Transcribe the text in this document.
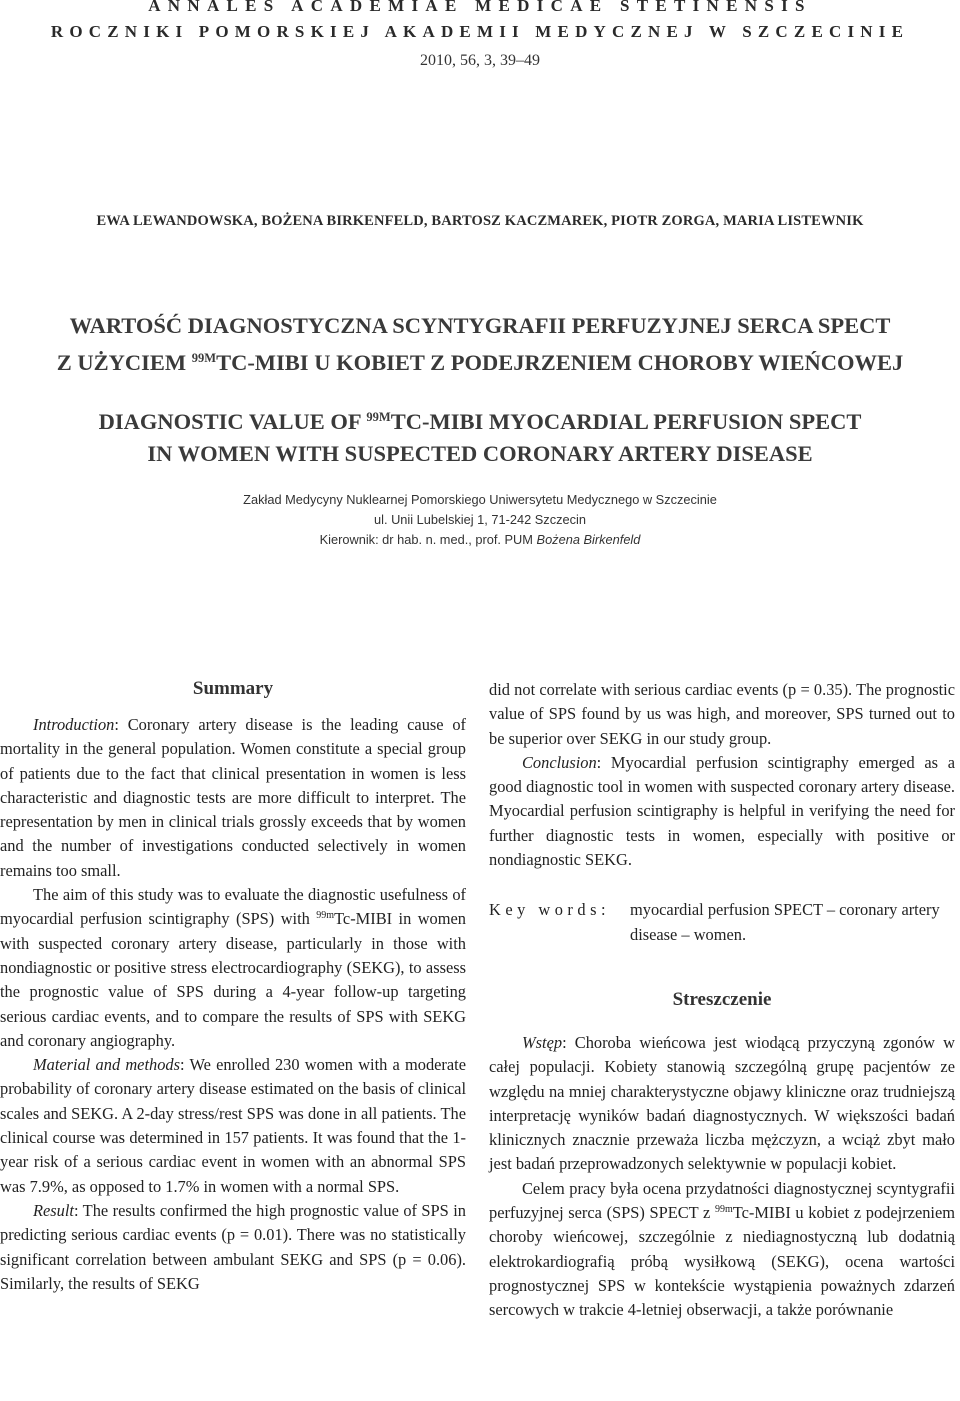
ANNALES ACADEMIAE MEDICAE STETINENSIS
ROCZNIKI POMORSKIEJ AKADEMII MEDYCZNEJ W SZCZECINIE
2010, 56, 3, 39–49
EWA LEWANDOWSKA, BOŻENA BIRKENFELD, BARTOSZ KACZMAREK, PIOTR ZORGA, MARIA LISTEWNIK
WARTOŚĆ DIAGNOSTYCZNA SCYNTYGRAFII PERFUZYJNEJ SERCA SPECT
Z UŻYCIEM $^{99M}$TC-MIBI U KOBIET Z PODEJRZENIEM CHOROBY WIEŃCOWEJ
DIAGNOSTIC VALUE OF $^{99M}$TC-MIBI MYOCARDIAL PERFUSION SPECT
IN WOMEN WITH SUSPECTED CORONARY ARTERY DISEASE
Zakład Medycyny Nuklearnej Pomorskiego Uniwersytetu Medycznego w Szczecinie
ul. Unii Lubelskiej 1, 71-242 Szczecin
Kierownik: dr hab. n. med., prof. PUM Bożena Birkenfeld
Summary

Introduction: Coronary artery disease is the leading cause of mortality in the general population. Women constitute a special group of patients due to the fact that clinical presentation in women is less characteristic and diagnostic tests are more difficult to interpret. The representation by men in clinical trials grossly exceeds that by women and the number of investigations conducted selectively in women remains too small.

The aim of this study was to evaluate the diagnostic usefulness of myocardial perfusion scintigraphy (SPS) with $^{99m}$Tc-MIBI in women with suspected coronary artery disease, particularly in those with nondiagnostic or positive stress electrocardiography (SEKG), to assess the prognostic value of SPS during a 4-year follow-up targeting serious cardiac events, and to compare the results of SPS with SEKG and coronary angiography.

Material and methods: We enrolled 230 women with a moderate probability of coronary artery disease estimated on the basis of clinical scales and SEKG. A 2-day stress/rest SPS was done in all patients. The clinical course was determined in 157 patients. It was found that the 1-year risk of a serious cardiac event in women with an abnormal SPS was 7.9%, as opposed to 1.7% in women with a normal SPS.

Result: The results confirmed the high prognostic value of SPS in predicting serious cardiac events (p = 0.01). There was no statistically significant correlation between ambulant SEKG and SPS (p = 0.06). Similarly, the results of SEKG

did not correlate with serious cardiac events (p = 0.35). The prognostic value of SPS found by us was high, and moreover, SPS turned out to be superior over SEKG in our study group.

Conclusion: Myocardial perfusion scintigraphy emerged as a good diagnostic tool in women with suspected coronary artery disease. Myocardial perfusion scintigraphy is helpful in verifying the need for further diagnostic tests in women, especially with positive or nondiagnostic SEKG.

Key words:	myocardial perfusion SPECT – coronary artery disease – women.
Streszczenie

Wstęp: Choroba wieńcowa jest wiodącą przyczyną zgonów w całej populacji. Kobiety stanowią szczególną grupę pacjentów ze względu na mniej charakterystyczne objawy kliniczne oraz trudniejszą interpretację wyników badań diagnostycznych. W większości badań klinicznych znacznie przeważa liczba mężczyzn, a wciąż zbyt mało jest badań przeprowadzonych selektywnie w populacji kobiet.

Celem pracy była ocena przydatności diagnostycznej scyntygrafii perfuzyjnej serca (SPS) SPECT z $^{99m}$Tc-MIBI u kobiet z podejrzeniem choroby wieńcowej, szczególnie z niediagnostyczną lub dodatnią elektrokardiografią próbą wysiłkową (SEKG), ocena wartości prognostycznej SPS w kontekście wystąpienia poważnych zdarzeń sercowych w trakcie 4-letniej obserwacji, a także porównanie
